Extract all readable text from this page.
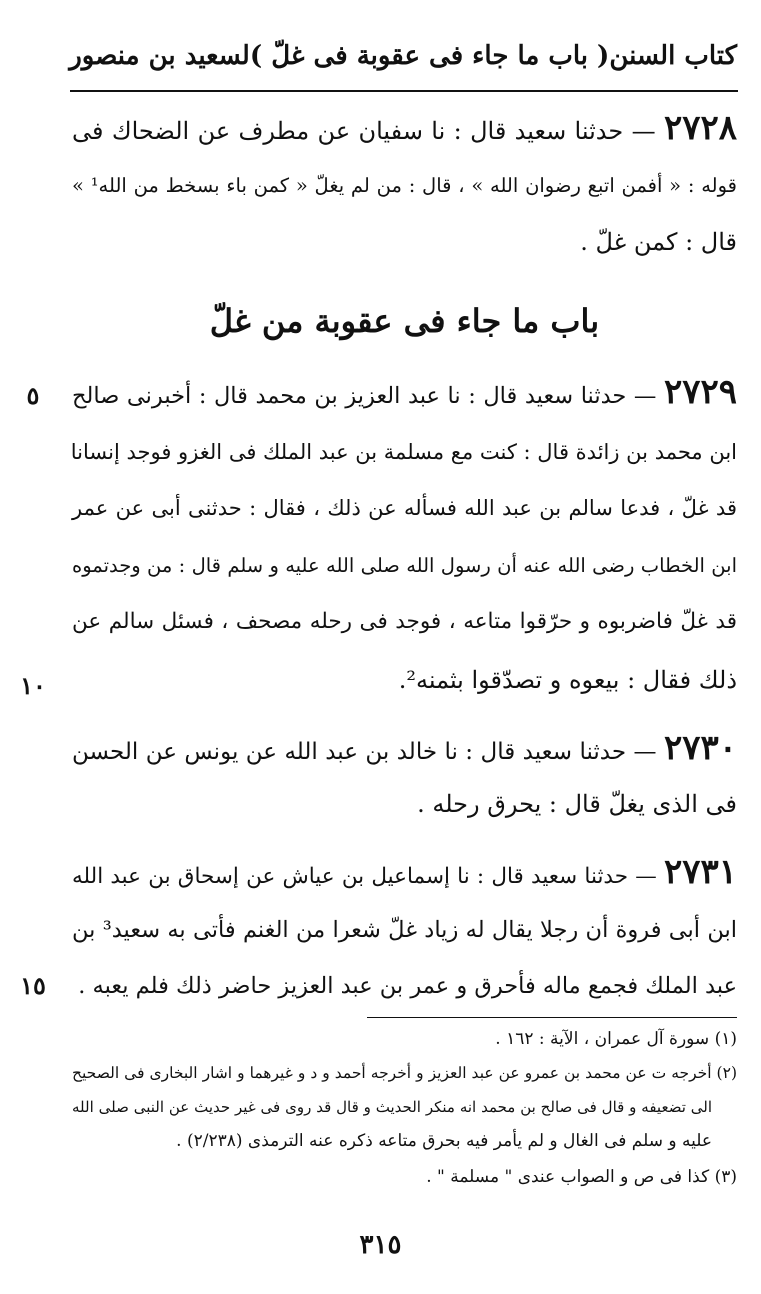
كتاب السنن
( باب ما جاء فى عقوبة فى غلّ )
لسعيد بن منصور
٢٧٢٨ — حدثنا سعيد قال : نا سفيان عن مطرف عن الضحاك فى
قوله : « أفمن اتبع رضوان الله » ، قال : من لم يغلّ « كمن باء بسخط من الله¹ »
قال : كمن غلّ .
باب ما جاء فى عقوبة من غلّ
٢٧٢٩ — حدثنا سعيد قال : نا عبد العزيز بن محمد قال : أخبرنى صالح
٥
ابن محمد بن زائدة قال : كنت مع مسلمة بن عبد الملك فى الغزو فوجد إنسانا
قد غلّ ، فدعا سالم بن عبد الله فسأله عن ذلك ، فقال : حدثنى أبى عن عمر
ابن الخطاب رضى الله عنه أن رسول الله صلى الله عليه و سلم قال : من وجدتموه
قد غلّ فاضربوه و حرّقوا متاعه ، فوجد فى رحله مصحف ، فسئل سالم عن
ذلك فقال : بيعوه و تصدّقوا بثمنه².
١٠
٢٧٣٠ — حدثنا سعيد قال : نا خالد بن عبد الله عن يونس عن الحسن
فى الذى يغلّ قال : يحرق رحله .
٢٧٣١ — حدثنا سعيد قال : نا إسماعيل بن عياش عن إسحاق بن عبد الله
ابن أبى فروة أن رجلا يقال له زياد غلّ شعرا من الغنم فأتى به سعيد³ بن
عبد الملك فجمع ماله فأحرق و عمر بن عبد العزيز حاضر ذلك فلم يعبه .
١٥
(١) سورة آل عمران ، الآية : ١٦٢ .
(٢) أخرجه ت عن محمد بن عمرو عن عبد العزيز و أخرجه أحمد و د و غيرهما و اشار البخارى فى الصحيح
الى تضعيفه و قال فى صالح بن محمد انه منكر الحديث و قال قد روى فى غير حديث عن النبى صلى الله
عليه و سلم فى الغال و لم يأمر فيه بحرق متاعه ذكره عنه الترمذى (٢/٢٣٨) .
(٣) كذا فى ص و الصواب عندى " مسلمة " .
٣١٥
